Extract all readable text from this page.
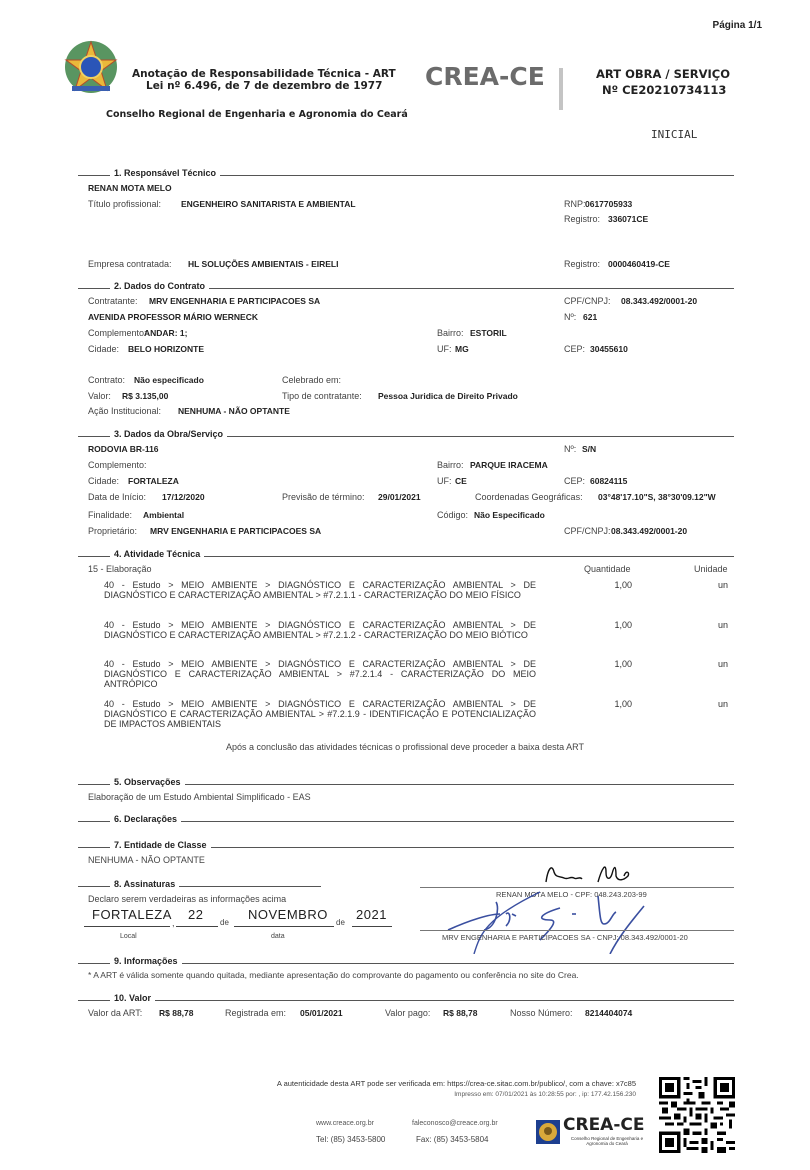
Página 1/1
Anotação de Responsabilidade Técnica - ART
Lei nº 6.496, de 7 de dezembro de 1977 CREA-CE	ART OBRA / SERVIÇO
Nº CE20210734113
Conselho Regional de Engenharia e Agronomia do Ceará
INICIAL
1. Responsável Técnico
RENAN MOTA MELO
Título profissional: ENGENHEIRO SANITARISTA E AMBIENTAL	RNP: 0617705933
Registro: 336071CE
Empresa contratada: HL SOLUÇÕES AMBIENTAIS - EIRELI	Registro: 0000460419-CE
2. Dados do Contrato
Contratante: MRV ENGENHARIA E PARTICIPACOES SA	CPF/CNPJ: 08.343.492/0001-20
AVENIDA PROFESSOR MÁRIO WERNECK	Nº: 621
Complemento:
ANDAR: 1;	Bairro: ESTORIL
Cidade: BELO HORIZONTE	UF: MG	CEP: 30455610
Contrato: Não especificado	Celebrado em:
Valor: R$ 3.135,00	Tipo de contratante: Pessoa Juridica de Direito Privado
Ação Institucional: NENHUMA - NÃO OPTANTE
3. Dados da Obra/Serviço
RODOVIA BR-116	Nº: S/N
Complemento:	Bairro: PARQUE IRACEMA
Cidade: FORTALEZA	UF: CE	CEP: 60824115
Data de Início: 17/12/2020	Previsão de término: 29/01/2021	Coordenadas Geográficas: 03°48'17.10"S, 38°30'09.12"W
Finalidade: Ambiental	Código: Não Especificado
Proprietário: MRV ENGENHARIA E PARTICIPACOES SA	CPF/CNPJ: 08.343.492/0001-20
4. Atividade Técnica
15 - Elaboração	Quantidade	Unidade
40 - Estudo > MEIO AMBIENTE > DIAGNÓSTICO E CARACTERIZAÇÃO AMBIENTAL > DE DIAGNÓSTICO E CARACTERIZAÇÃO AMBIENTAL > #7.2.1.1 - CARACTERIZAÇÃO DO MEIO FÍSICO
1,00	un
40 - Estudo > MEIO AMBIENTE > DIAGNÓSTICO E CARACTERIZAÇÃO AMBIENTAL > DE DIAGNÓSTICO E CARACTERIZAÇÃO AMBIENTAL > #7.2.1.2 - CARACTERIZAÇÃO DO MEIO BIÓTICO
1,00	un
40 - Estudo > MEIO AMBIENTE > DIAGNÓSTICO E CARACTERIZAÇÃO AMBIENTAL > DE DIAGNÓSTICO E CARACTERIZAÇÃO AMBIENTAL > #7.2.1.4 - CARACTERIZAÇÃO DO MEIO ANTRÓPICO
1,00	un
40 - Estudo > MEIO AMBIENTE > DIAGNÓSTICO E CARACTERIZAÇÃO AMBIENTAL > DE DIAGNÓSTICO E CARACTERIZAÇÃO AMBIENTAL > #7.2.1.9 - IDENTIFICAÇÃO E POTENCIALIZAÇÃO DE IMPACTOS AMBIENTAIS
1,00	un
Após a conclusão das atividades técnicas o profissional deve proceder a baixa desta ART
5. Observações
Elaboração de um Estudo Ambiental Simplificado - EAS
6. Declarações
7. Entidade de Classe
NENHUMA - NÃO OPTANTE
8. Assinaturas
Declaro serem verdadeiras as informações acima
FORTALEZA
,
22
de
NOVEMBRO
de
2021
Local	data
RENAN MOTA MELO - CPF: 048.243.203-99
MRV ENGENHARIA E PARTICIPACOES SA - CNPJ: 08.343.492/0001-20
9. Informações
* A ART é válida somente quando quitada, mediante apresentação do comprovante do pagamento ou conferência no site do Crea.
10. Valor
Valor da ART: R$ 88,78	Registrada em: 05/01/2021	Valor pago: R$ 88,78	Nosso Número: 8214404074
A autenticidade desta ART pode ser verificada em: https://crea-ce.sitac.com.br/publico/, com a chave: x7c85
Impresso em: 07/01/2021 às 10:28:55 por: , ip: 177.42.156.230
www.creace.org.br	faleconosco@creace.org.br
Tel: (85) 3453-5800	Fax: (85) 3453-5804
CREA-CE
Conselho Regional de Engenharia e Agronomia do Ceará
